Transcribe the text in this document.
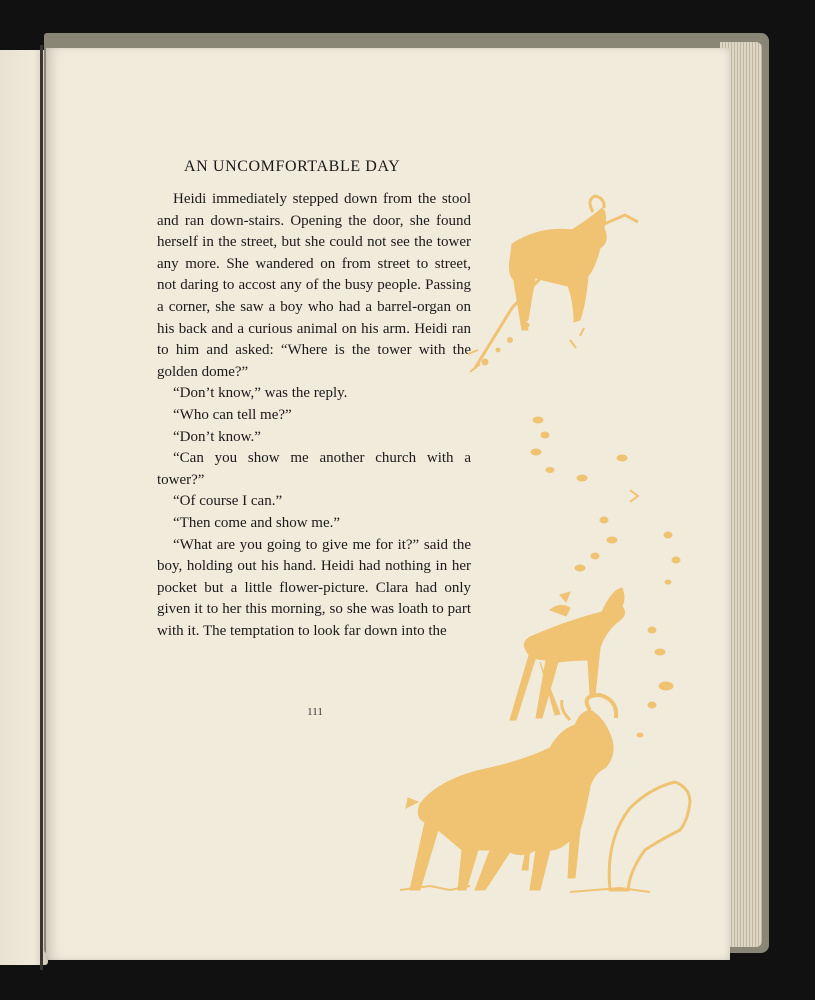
AN UNCOMFORTABLE DAY

Heidi immediately stepped down from the stool and ran down-stairs. Opening the door, she found herself in the street, but she could not see the tower any more. She wandered on from street to street, not daring to accost any of the busy people. Passing a corner, she saw a boy who had a barrel-organ on his back and a curious animal on his arm. Heidi ran to him and asked: “Where is the tower with the golden dome?”

“Don’t know,” was the reply.

“Who can tell me?”

“Don’t know.”

“Can you show me another church with a tower?”

“Of course I can.”

“Then come and show me.”

“What are you going to give me for it?” said the boy, holding out his hand. Heidi had nothing in her pocket but a little flower-picture. Clara had only given it to her this morning, so she was loath to part with it. The temptation to look far down into the

111
